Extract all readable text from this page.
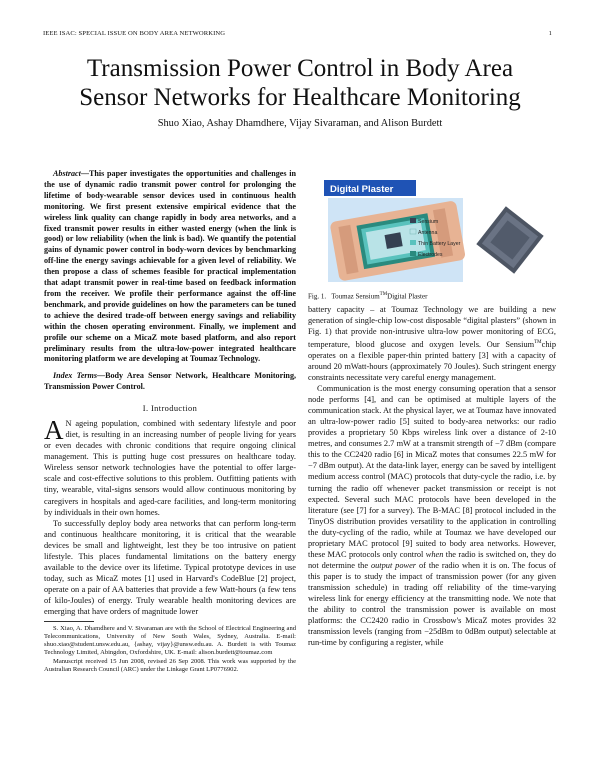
IEEE ISAC: SPECIAL ISSUE ON BODY AREA NETWORKING	1
Transmission Power Control in Body Area
Sensor Networks for Healthcare Monitoring
Shuo Xiao, Ashay Dhamdhere, Vijay Sivaraman, and Alison Burdett

Abstract—This paper investigates the opportunities and challenges in the use of dynamic radio transmit power control for prolonging the lifetime of body-wearable sensor devices used in continuous health monitoring. We first present extensive empirical evidence that the wireless link quality can change rapidly in body area networks, and a fixed transmit power results in either wasted energy (when the link is good) or low reliability (when the link is bad). We quantify the potential gains of dynamic power control in body-worn devices by benchmarking off-line the energy savings achievable for a given level of reliability. We then propose a class of schemes feasible for practical implementation that adapt transmit power in real-time based on feedback information from the receiver. We profile their performance against the off-line benchmark, and provide guidelines on how the parameters can be tuned to achieve the desired trade-off between energy savings and reliability within the chosen operating environment. Finally, we implement and profile our scheme on a MicaZ mote based platform, and also report preliminary results from the ultra-low-power integrated healthcare monitoring platform we are developing at Toumaz Technology.

Index Terms—Body Area Sensor Network, Healthcare Monitoring, Transmission Power Control.

I. Introduction

A N ageing population, combined with sedentary lifestyle and poor diet, is resulting in an increasing number of people living for years or even decades with chronic conditions that require ongoing clinical management. This is putting huge cost pressures on healthcare today. Wireless sensor network technologies have the potential to offer large-scale and cost-effective solutions to this problem. Outfitting patients with tiny, wearable, vital-signs sensors would allow continuous monitoring by caregivers in hospitals and aged-care facilities, and long-term monitoring by individuals in their own homes.

To successfully deploy body area networks that can perform long-term and continuous healthcare monitoring, it is critical that the wearable devices be small and lightweight, lest they be too intrusive on patient lifestyle. This places fundamental limitations on the battery energy available to the device over its lifetime. Typical prototype devices in use today, such as MicaZ motes [1] used in Harvard's CodeBlue [2] project, operate on a pair of AA batteries that provide a few Watt-hours (a few tens of kilo-Joules) of energy. Truly wearable health monitoring devices are emerging that have orders of magnitude lower

S. Xiao, A. Dhamdhere and V. Sivaraman are with the School of Electrical Engineering and Telecommunications, University of New South Wales, Sydney, Australia. E-mail: shuo.xiao@student.unsw.edu.au, {ashay, vijay}@unsw.edu.au. A. Burdett is with Toumaz Technology Limited, Abingdon, Oxfordshire, UK. E-mail: alison.burdett@toumaz.com

Manuscript received 15 Jun 2008, revised 26 Sep 2008. This work was supported by the Australian Research Council (ARC) under the Linkage Grant LP0776902.

Digital Plaster
Sensium
Antenna
Thin Battery Layer
Electrodes
Fig. 1. Toumaz Sensium™Digital Plaster

battery capacity – at Toumaz Technology we are building a new generation of single-chip low-cost disposable “digital plasters” (shown in Fig. 1) that provide non-intrusive ultra-low power monitoring of ECG, temperature, blood glucose and oxygen levels. Our Sensium™chip operates on a flexible paper-thin printed battery [3] with a capacity of around 20 mWatt-hours (approximately 70 Joules). Such stringent energy constraints necessitate very careful energy management.

Communication is the most energy consuming operation that a sensor node performs [4], and can be optimised at multiple layers of the communication stack. At the physical layer, we at Toumaz have innovated an ultra-low-power radio [5] suited to body-area networks: our radio provides a proprietary 50 Kbps wireless link over a distance of 2-10 metres, and consumes 2.7 mW at a transmit strength of −7 dBm (compare this to the CC2420 radio [6] in MicaZ motes that consumes 22.5 mW for −7 dBm output). At the data-link layer, energy can be saved by intelligent medium access control (MAC) protocols that duty-cycle the radio, i.e. by turning the radio off whenever packet transmission or receipt is not expected. Several such MAC protocols have been developed in the literature (see [7] for a survey). The B-MAC [8] protocol included in the TinyOS distribution provides versatility to the application in controlling the duty-cycling of the radio, while at Toumaz we have developed our proprietary MAC protocol [9] suited to body area networks. However, these MAC protocols only control when the radio is switched on, they do not determine the output power of the radio when it is on. The focus of this paper is to study the impact of transmission power (for any given transmission schedule) in trading off reliability of the time-varying wireless link for energy efficiency at the transmitting node. We note that the ability to control the transmission power is available on most platforms: the CC2420 radio in Crossbow's MicaZ motes provides 32 transmission levels (ranging from −25dBm to 0dBm output) selectable at run-time by configuring a register, while
